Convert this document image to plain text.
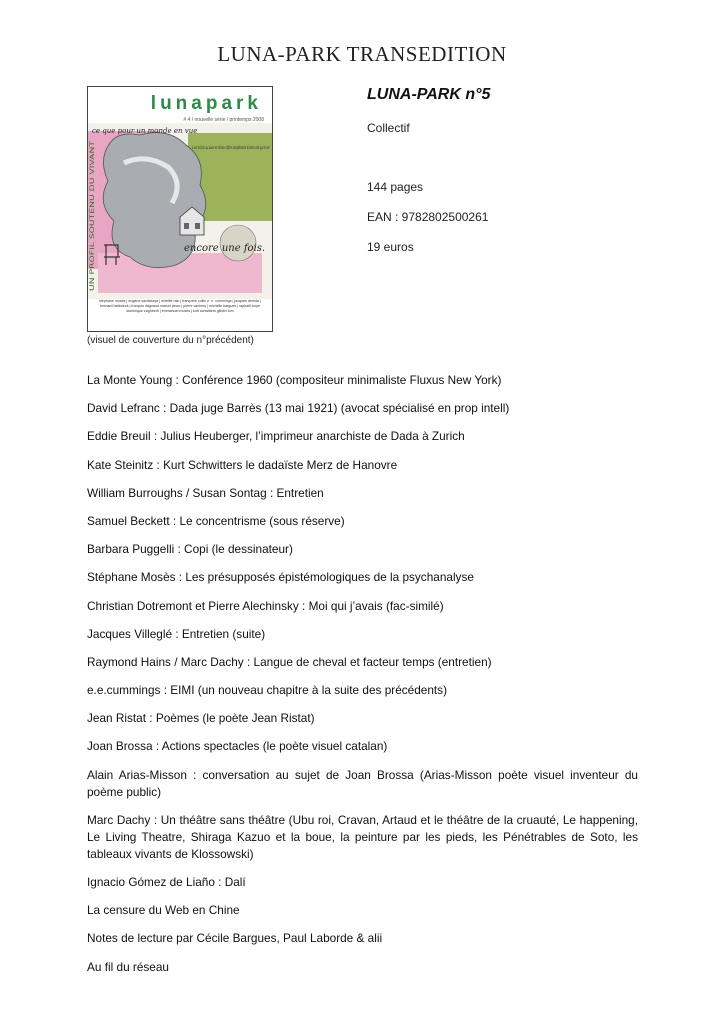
LUNA-PARK TRANSEDITION
lunapark
# 4 / nouvelle série / printemps 2008
ce que pour un monde en vue
à voir et faire qui sauve en chinois chiffres complètement d'autres vont que le voir
UN PROFIL SOUTENU DU VIVANT	encore une fois.
stéphane mosès | eugène savitzkaya | mireille rain | françoise collin e. e. cummings | jacques derrida | bernard heidsieck | françois dagnaud marcel janco | pierre vankery | michelle bargues | raphaël boyé dominique zaghberti | emmanuel mosès | kurt schwitters gilbert tom
(visuel de couverture du n°précédent)
LUNA-PARK n°5
Collectif
144 pages
EAN : 9782802500261
19 euros
La Monte Young : Conférence 1960 (compositeur minimaliste Fluxus New York)
David Lefranc : Dada juge Barrès (13 mai 1921) (avocat spécialisé en prop intell)
Eddie Breuil : Julius Heuberger, l’imprimeur anarchiste de Dada à Zurich
Kate Steinitz : Kurt Schwitters le dadaïste Merz de Hanovre
William Burroughs / Susan Sontag : Entretien
Samuel Beckett : Le concentrisme (sous réserve)
Barbara Puggelli : Copi (le dessinateur)
Stéphane Mosès : Les présupposés épistémologiques de la psychanalyse
Christian Dotremont et Pierre Alechinsky : Moi qui j’avais (fac-similé)
Jacques Villeglé : Entretien (suite)
Raymond Hains / Marc Dachy : Langue de cheval et facteur temps (entretien)
e.e.cummings : EIMI (un nouveau chapitre à la suite des précédents)
Jean Ristat : Poèmes (le poète Jean Ristat)
Joan Brossa : Actions spectacles (le poète visuel catalan)
Alain Arias-Misson : conversation au sujet de Joan Brossa (Arias-Misson poète visuel inventeur du poème public)
Marc Dachy : Un théâtre sans théâtre (Ubu roi, Cravan, Artaud et le théâtre de la cruauté, Le happening, Le Living Theatre, Shiraga Kazuo et la boue, la peinture par les pieds, les Pénétrables de Soto, les tableaux vivants de Klossowski)
Ignacio Gómez de Liaño : Dalí
La censure du Web en Chine
Notes de lecture par Cécile Bargues, Paul Laborde & alii
Au fil du réseau
